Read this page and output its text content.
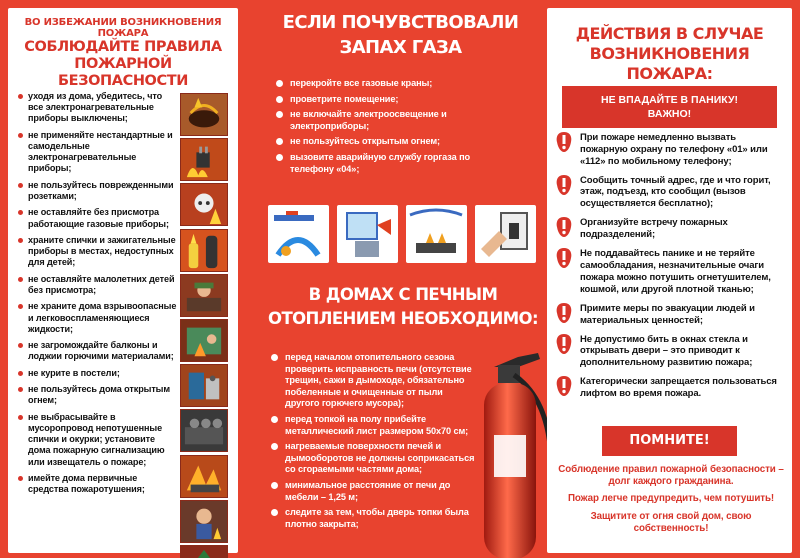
ВО ИЗБЕЖАНИИ ВОЗНИКНОВЕНИЯ ПОЖАРА
СОБЛЮДАЙТЕ ПРАВИЛА
ПОЖАРНОЙ БЕЗОПАСНОСТИ
уходя из дома, убедитесь, что все электронагревательные приборы выключены;
не применяйте нестандартные и самодельные электронагревательные приборы;
не пользуйтесь поврежденными розетками;
не оставляйте без присмотра работающие газовые приборы;
храните спички и зажигательные приборы в местах, недоступных для детей;
не оставляйте малолетних детей без присмотра;
не храните дома взрывоопасные и легковоспламеняющиеся жидкости;
не загромождайте балконы и лоджии горючими материалами;
не курите в постели;
не пользуйтесь дома открытым огнем;
не выбрасывайте в мусоропровод непотушенные спички и окурки; установите дома пожарную сигнализацию или извещатель о пожаре;
имейте дома первичные средства пожаротушения;
ЕСЛИ ПОЧУВСТВОВАЛИ
ЗАПАХ ГАЗА
перекройте все газовые краны;
проветрите помещение;
не включайте электроосвещение и электроприборы;
не пользуйтесь открытым огнем;
вызовите аварийную службу горгаза по телефону «04»;
В ДОМАХ С ПЕЧНЫМ
ОТОПЛЕНИЕМ НЕОБХОДИМО:
перед началом отопительного сезона проверить исправность печи (отсутствие трещин, сажи в дымоходе, обязательно побеленные и очищенные от пыли другого горючего мусора);
перед топкой на полу прибейте металлический лист размером 50х70 см;
нагреваемые поверхности печей и дымооборотов не должны соприкасаться со сгораемыми частями дома;
минимальное расстояние от печи до мебели – 1,25 м;
следите за тем, чтобы дверь топки была плотно закрыта;
ДЕЙСТВИЯ В СЛУЧАЕ
ВОЗНИКНОВЕНИЯ ПОЖАРА:
НЕ ВПАДАЙТЕ В ПАНИКУ!
ВАЖНО!
При пожаре немедленно вызвать пожарную охрану по телефону «01» или «112» по мобильному телефону;
Сообщить точный адрес, где и что горит, этаж, подъезд, кто сообщил (вызов осуществляется бесплатно);
Организуйте встречу пожарных подразделений;
Не поддавайтесь панике и не теряйте самообладания, незначительные очаги пожара можно потушить огнетушителем, кошмой, или другой плотной тканью;
Примите меры по эвакуации людей и материальных ценностей;
Не допустимо бить в окнах стекла и открывать двери – это приводит к дополнительному развитию пожара;
Категорически запрещается пользоваться лифтом во время пожара.
ПОМНИТЕ!
Соблюдение правил пожарной безопасности – долг каждого гражданина.
Пожар легче предупредить, чем потушить!
Защитите от огня свой дом, свою собственность!
